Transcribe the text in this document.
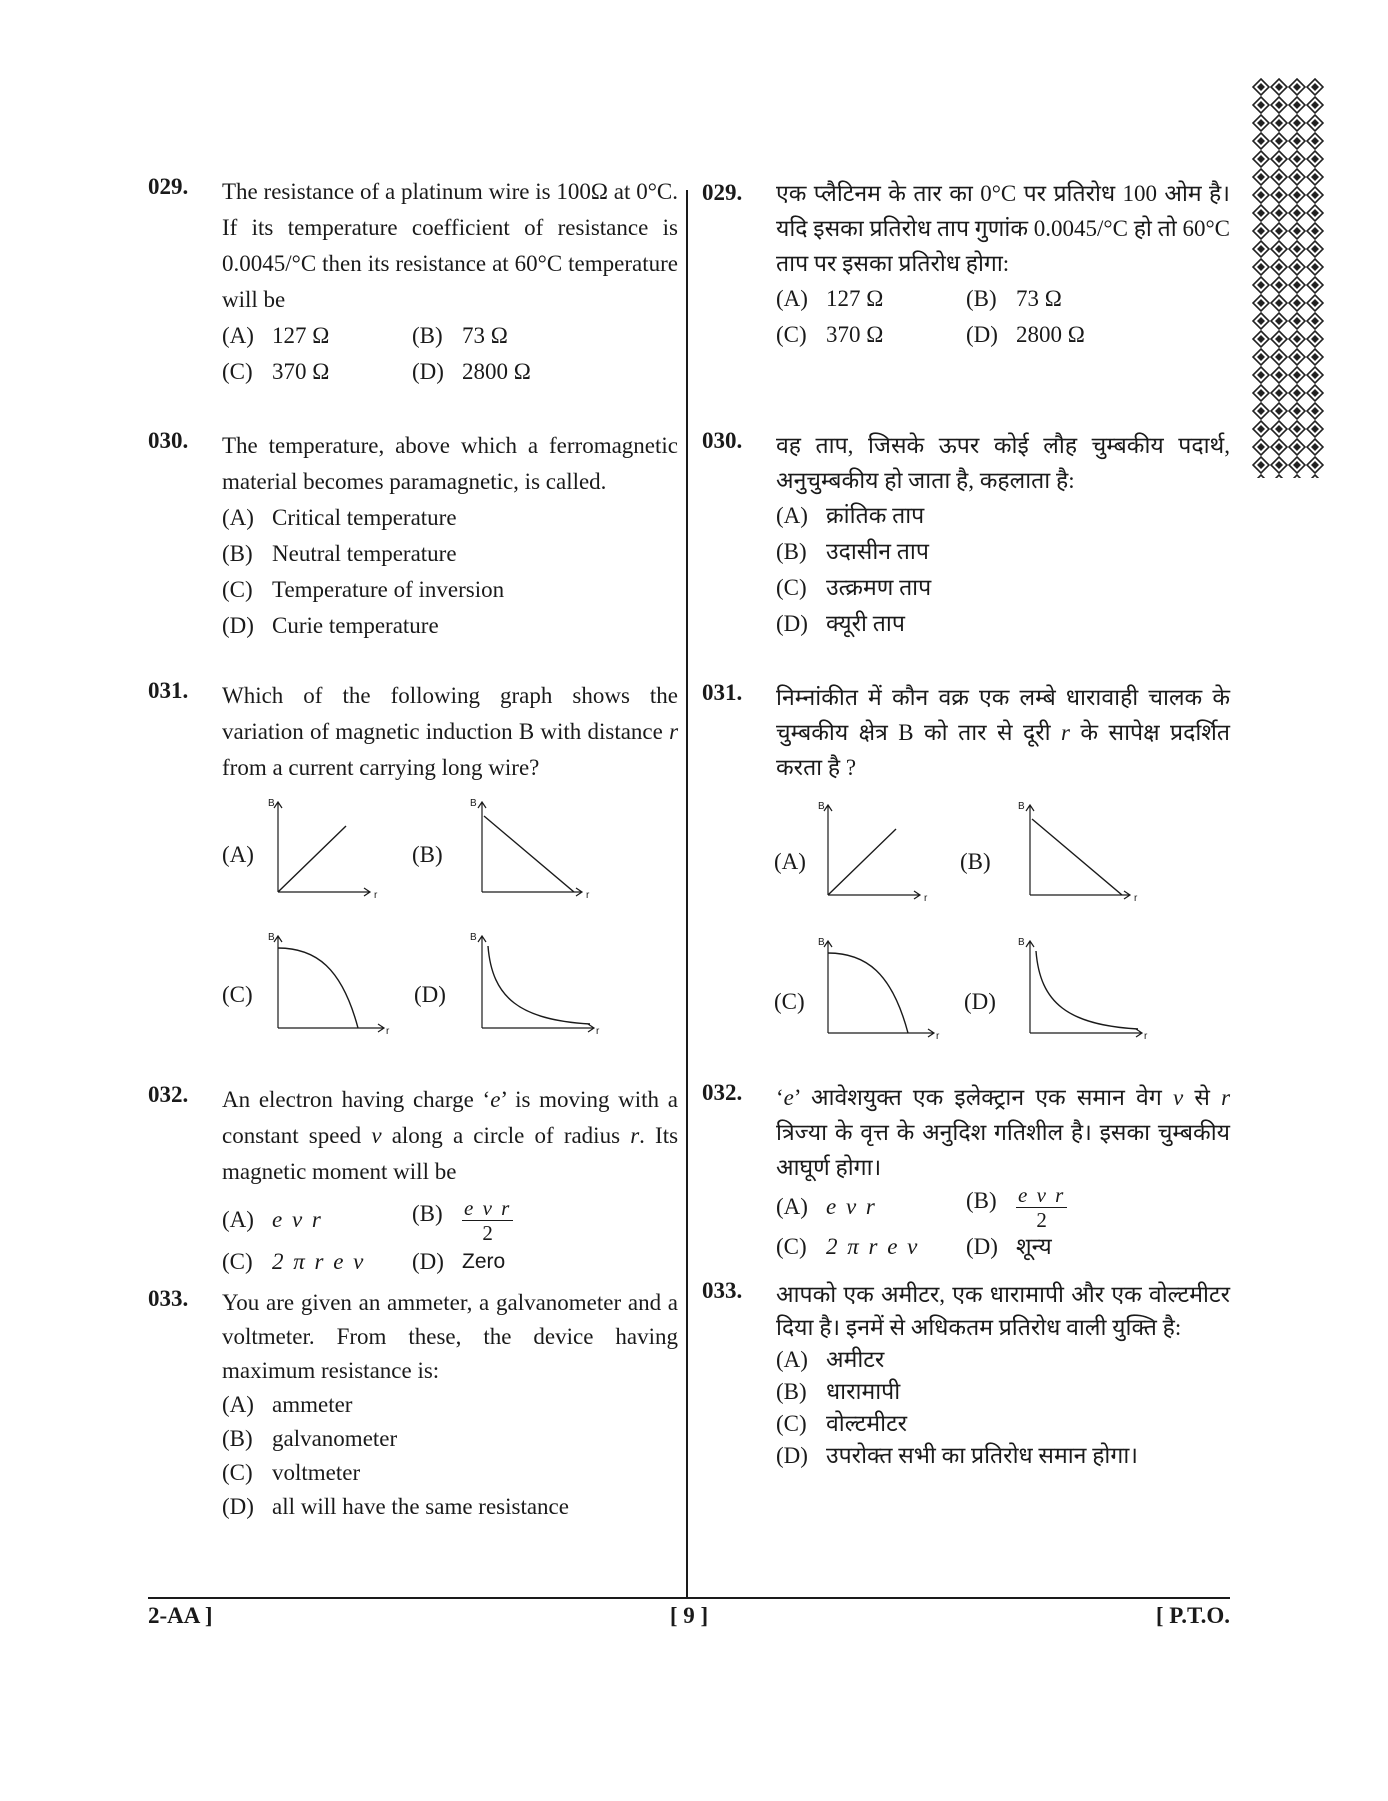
029. The resistance of a platinum wire is 100Ω at 0°C. If its temperature coefficient of resistance is 0.0045/°C then its resistance at 60°C temperature will be
(A) 127 Ω	(B) 73 Ω
(C) 370 Ω	(D) 2800 Ω
030. The temperature, above which a ferromagnetic material becomes paramagnetic, is called.
(A) Critical temperature
(B) Neutral temperature
(C) Temperature of inversion
(D) Curie temperature
031. Which of the following graph shows the variation of magnetic induction B with distance r from a current carrying long wire?
(A)	(B)
(C)	(D)
B
r
B
r
B
r
B
r
032. An electron having charge ‘e’ is moving with a constant speed v along a circle of radius r. Its magnetic moment will be
(A) e v r	$(B) \frac{\text{e v r}}{2}$
(C) 2 π r e v (D) Zero
033. You are given an ammeter, a galvanometer and a voltmeter. From these, the device having maximum resistance is:
(A) ammeter
(B) galvanometer
(C) voltmeter
(D) all will have the same resistance
029. एक प्लैटिनम के तार का 0°C पर प्रतिरोध 100 ओम है। यदि इसका प्रतिरोध ताप गुणांक 0.0045/°C हो तो 60°C ताप पर इसका प्रतिरोध होगा:
(A) 127 Ω	(B) 73 Ω
(C) 370 Ω	(D) 2800 Ω
030. वह ताप, जिसके ऊपर कोई लौह चुम्बकीय पदार्थ, अनुचुम्बकीय हो जाता है, कहलाता है:
(A) क्रांतिक ताप
(B) उदासीन ताप
(C) उत्क्रमण ताप
(D) क्यूरी ताप
031. निम्नांकीत में कौन वक्र एक लम्बे धारावाही चालक के चुम्बकीय क्षेत्र B को तार से दूरी r के सापेक्ष प्रदर्शित करता है ?
(A)	(B)
(C)	(D)
B
r
B
r
B
r
B
r
032. ‘e’ आवेशयुक्त एक इलेक्ट्रान एक समान वेग v से r त्रिज्या के वृत्त के अनुदिश गतिशील है। इसका चुम्बकीय आघूर्ण होगा।
(A) e v r	$(B) \frac{\text{e v r}}{2}$
(C) 2 π r e v (D) शून्य
033. आपको एक अमीटर, एक धारामापी और एक वोल्टमीटर दिया है। इनमें से अधिकतम प्रतिरोध वाली युक्ति है:
(A) अमीटर
(B) धारामापी
(C) वोल्टमीटर
(D) उपरोक्त सभी का प्रतिरोध समान होगा।
2-AA ]	[ 9 ]	[ P.T.O.
